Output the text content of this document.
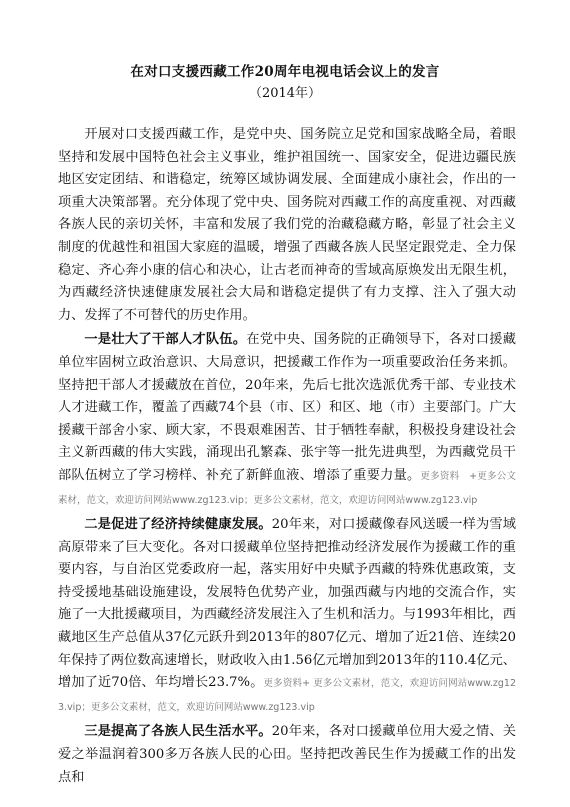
在对口支援西藏工作20周年电视电话会议上的发言
（2014年）

开展对口支援西藏工作，是党中央、国务院立足党和国家战略全局，着眼坚持和发展中国特色社会主义事业，维护祖国统一、国家安全，促进边疆民族地区安定团结、和谐稳定，统筹区域协调发展、全面建成小康社会，作出的一项重大决策部署。充分体现了党中央、国务院对西藏工作的高度重视、对西藏各族人民的亲切关怀，丰富和发展了我们党的治藏稳藏方略，彰显了社会主义制度的优越性和祖国大家庭的温暖，增强了西藏各族人民坚定跟党走、全力保稳定、齐心奔小康的信心和决心，让古老而神奇的雪域高原焕发出无限生机，为西藏经济快速健康发展社会大局和谐稳定提供了有力支撑、注入了强大动力、发挥了不可替代的历史作用。

一是壮大了干部人才队伍。在党中央、国务院的正确领导下，各对口援藏单位牢固树立政治意识、大局意识，把援藏工作作为一项重要政治任务来抓。坚持把干部人才援藏放在首位，20年来，先后七批次选派优秀干部、专业技术人才进藏工作，覆盖了西藏74个县（市、区）和区、地（市）主要部门。广大援藏干部舍小家、顾大家，不畏艰难困苦、甘于牺牲奉献，积极投身建设社会主义新西藏的伟大实践，涌现出孔繁森、张宇等一批先进典型，为西藏党员干部队伍树立了学习榜样、补充了新鲜血液、增添了重要力量。更多资料　+更多公文素材，范文，欢迎访问网站www.zg123.vip；更多公文素材，范文，欢迎访问网站www.zg123.vip

二是促进了经济持续健康发展。20年来，对口援藏像春风送暖一样为雪域高原带来了巨大变化。各对口援藏单位坚持把推动经济发展作为援藏工作的重要内容，与自治区党委政府一起，落实用好中央赋予西藏的特殊优惠政策，支持受援地基础设施建设，发展特色优势产业，加强西藏与内地的交流合作，实施了一大批援藏项目，为西藏经济发展注入了生机和活力。与1993年相比，西藏地区生产总值从37亿元跃升到2013年的807亿元、增加了近21倍、连续20年保持了两位数高速增长，财政收入由1.56亿元增加到2013年的110.4亿元、增加了近70倍、年均增长23.7%。更多资料+ 更多公文素材，范文，欢迎访问网站www.zg123.vip；更多公文素材，范文，欢迎访问网站www.zg123.vip

三是提高了各族人民生活水平。20年来，各对口援藏单位用大爱之情、关爱之举温润着300多万各族人民的心田。坚持把改善民生作为援藏工作的出发点和
